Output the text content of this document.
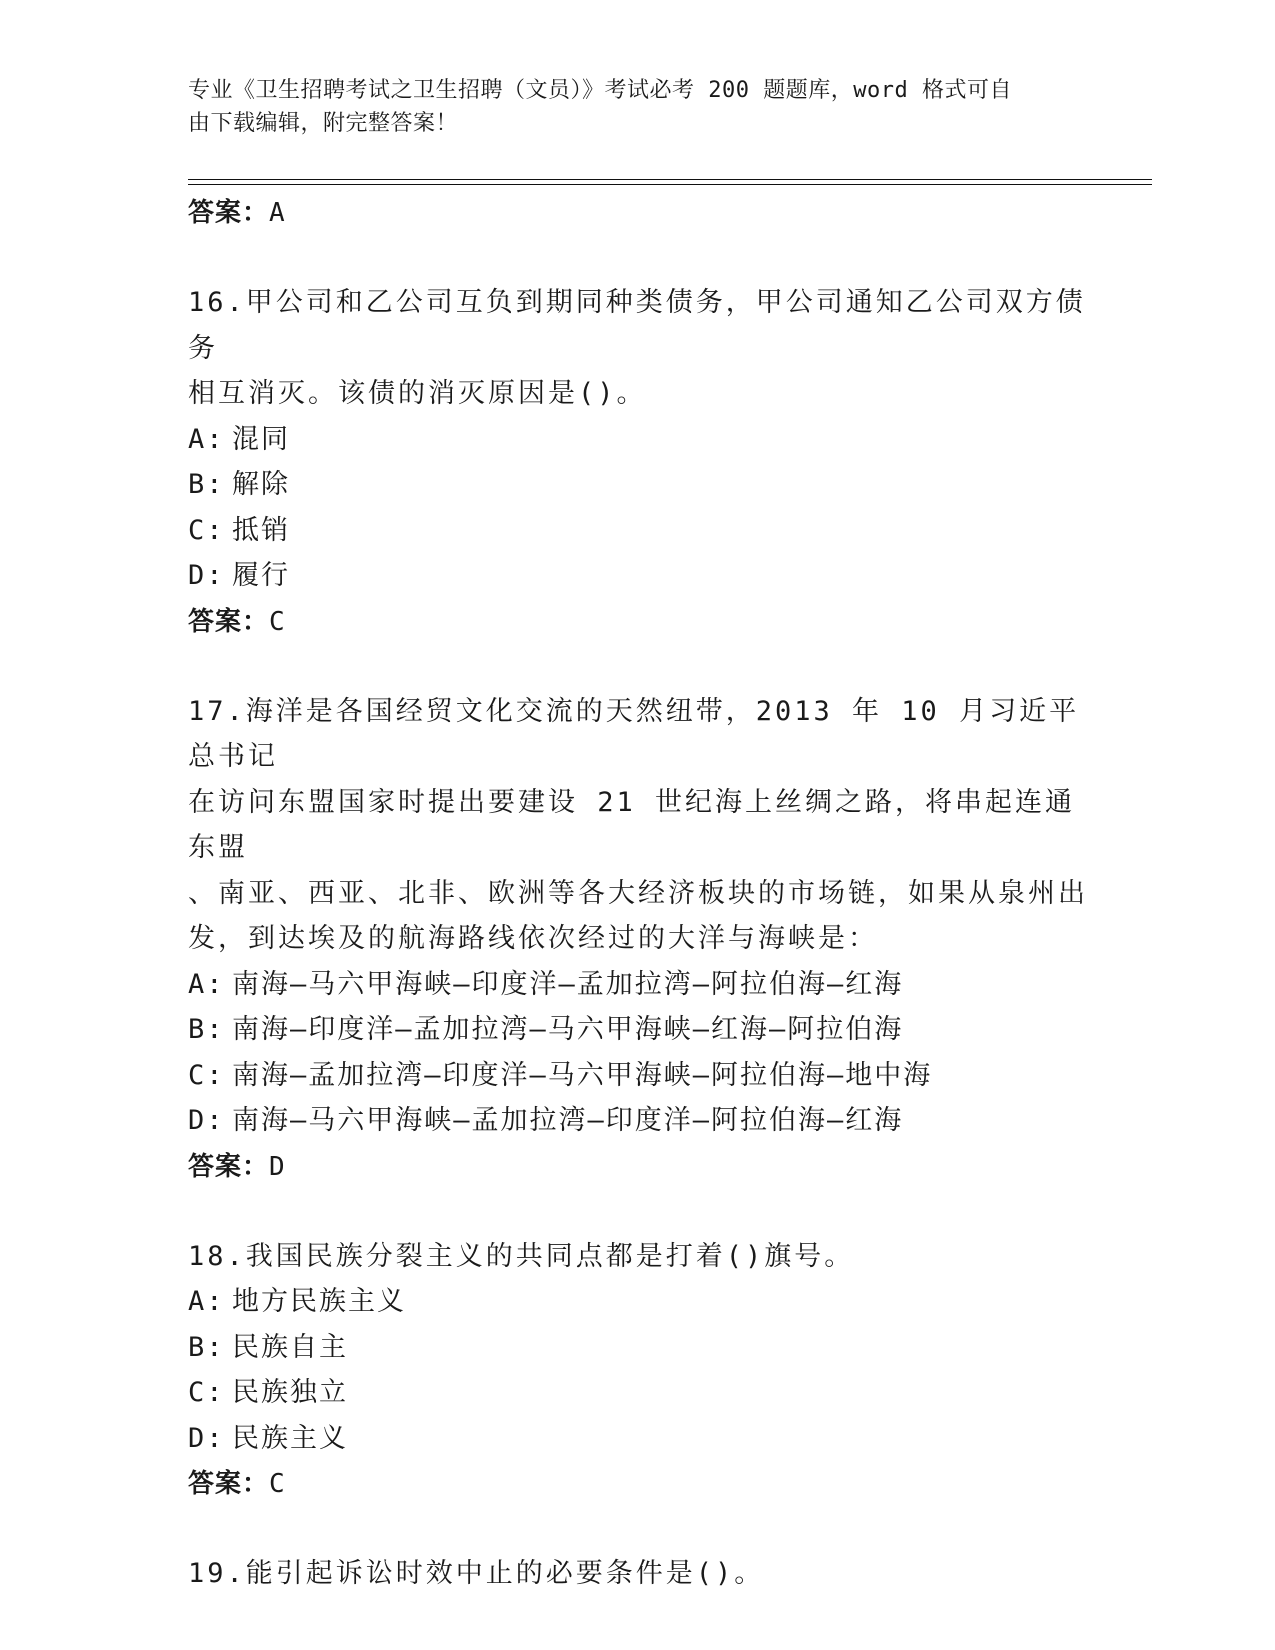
专业《卫生招聘考试之卫生招聘（文员）》考试必考 200 题题库，word 格式可自
由下载编辑，附完整答案！
答案：A
16.甲公司和乙公司互负到期同种类债务，甲公司通知乙公司双方债务
相互消灭。该债的消灭原因是()。
A: 混同
B: 解除
C: 抵销
D: 履行
答案：C
17.海洋是各国经贸文化交流的天然纽带，2013 年 10 月习近平总书记
在访问东盟国家时提出要建设 21 世纪海上丝绸之路，将串起连通东盟
、南亚、西亚、北非、欧洲等各大经济板块的市场链，如果从泉州出
发，到达埃及的航海路线依次经过的大洋与海峡是：
A: 南海—马六甲海峡—印度洋—孟加拉湾—阿拉伯海—红海
B: 南海—印度洋—孟加拉湾—马六甲海峡—红海—阿拉伯海
C: 南海—孟加拉湾—印度洋—马六甲海峡—阿拉伯海—地中海
D: 南海—马六甲海峡—孟加拉湾—印度洋—阿拉伯海—红海
答案：D
18.我国民族分裂主义的共同点都是打着()旗号。
A: 地方民族主义
B: 民族自主
C: 民族独立
D: 民族主义
答案：C
19.能引起诉讼时效中止的必要条件是()。
